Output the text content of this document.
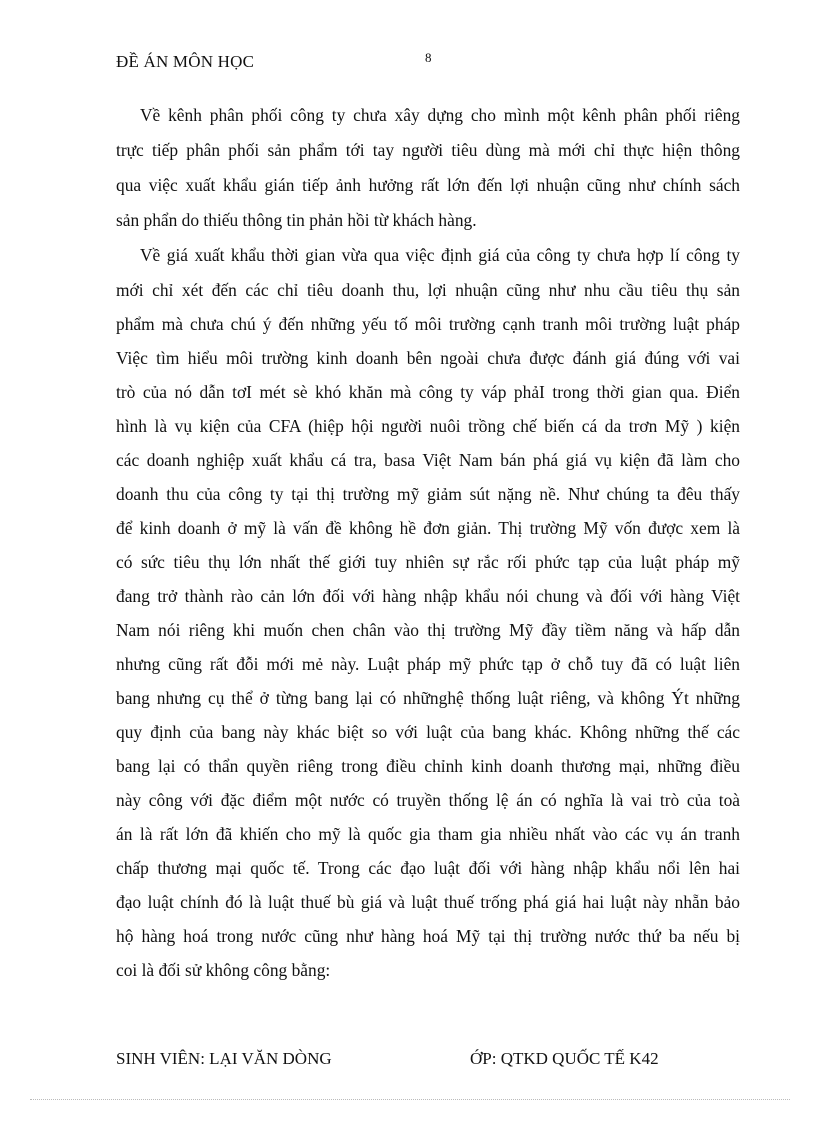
ĐỀ ÁN MÔN HỌC	8
Về kênh phân phối công ty chưa xây dựng cho mình một kênh phân phối riêng
trực tiếp phân phối sản phẩm tới tay người tiêu dùng mà mới chỉ thực hiện thông
qua việc xuất khẩu gián tiếp ảnh hưởng rất lớn đến lợi nhuận cũng như chính sách
sản phẩn do thiếu thông tin phản hồi từ khách hàng.
Về giá xuất khẩu thời gian vừa qua việc định giá của công ty chưa hợp lí công ty
mới chỉ xét đến các chỉ tiêu doanh thu, lợi nhuận cũng như nhu cầu tiêu thụ sản
phẩm mà chưa chú ý đến những yếu tố môi trường cạnh tranh môi trường luật pháp
Việc tìm hiểu môi trường kinh doanh bên ngoài chưa được đánh giá đúng với vai
trò của nó dẫn tơI mét sè khó khăn mà công ty váp phảI trong thời gian qua. Điển
hình là vụ kiện của CFA (hiệp hội người nuôi trồng chế biến cá da trơn Mỹ ) kiện
các doanh nghiệp xuất khẩu cá tra, basa Việt Nam bán phá giá vụ kiện đã làm cho
doanh thu của công ty tại thị trường mỹ giảm sút nặng nề. Như chúng ta đêu thấy
để kinh doanh ở mỹ là vấn đề không hề đơn giản. Thị trường Mỹ vốn được xem là
có sức tiêu thụ lớn nhất thế giới tuy nhiên sự rắc rối phức tạp của luật pháp mỹ
đang trở thành rào cản lớn đối với hàng nhập khẩu nói chung và đối với hàng Việt
Nam nói riêng khi muốn chen chân vào thị trường Mỹ đầy tiềm năng và hấp dẫn
nhưng cũng rất đỗi mới mẻ này. Luật pháp mỹ phức tạp ở chỗ tuy đã có luật liên
bang nhưng cụ thể ở từng bang lại có nhữnghệ thống luật riêng, và không Ýt những
quy định của bang này khác biệt so với luật của bang khác. Không những thế các
bang lại có thẩn quyền riêng trong điều chỉnh kinh doanh thương mại, những điều
này công với đặc điểm một nước có truyền thống lệ án có nghĩa là vai trò của toà
án là rất lớn đã khiến cho mỹ là quốc gia tham gia nhiều nhất vào các vụ án tranh
chấp thương mại quốc tế. Trong các đạo luật đối với hàng nhập khẩu nổi lên hai
đạo luật chính đó là luật thuế bù giá và luật thuế trống phá giá hai luật này nhẵn bảo
hộ hàng hoá trong nước cũng như hàng hoá Mỹ tại thị trường nước thứ ba nếu bị
coi là đối sử không công bằng:
SINH VIÊN: LẠI VĂN DÒNG	ỚP: QTKD QUỐC TẾ K42
